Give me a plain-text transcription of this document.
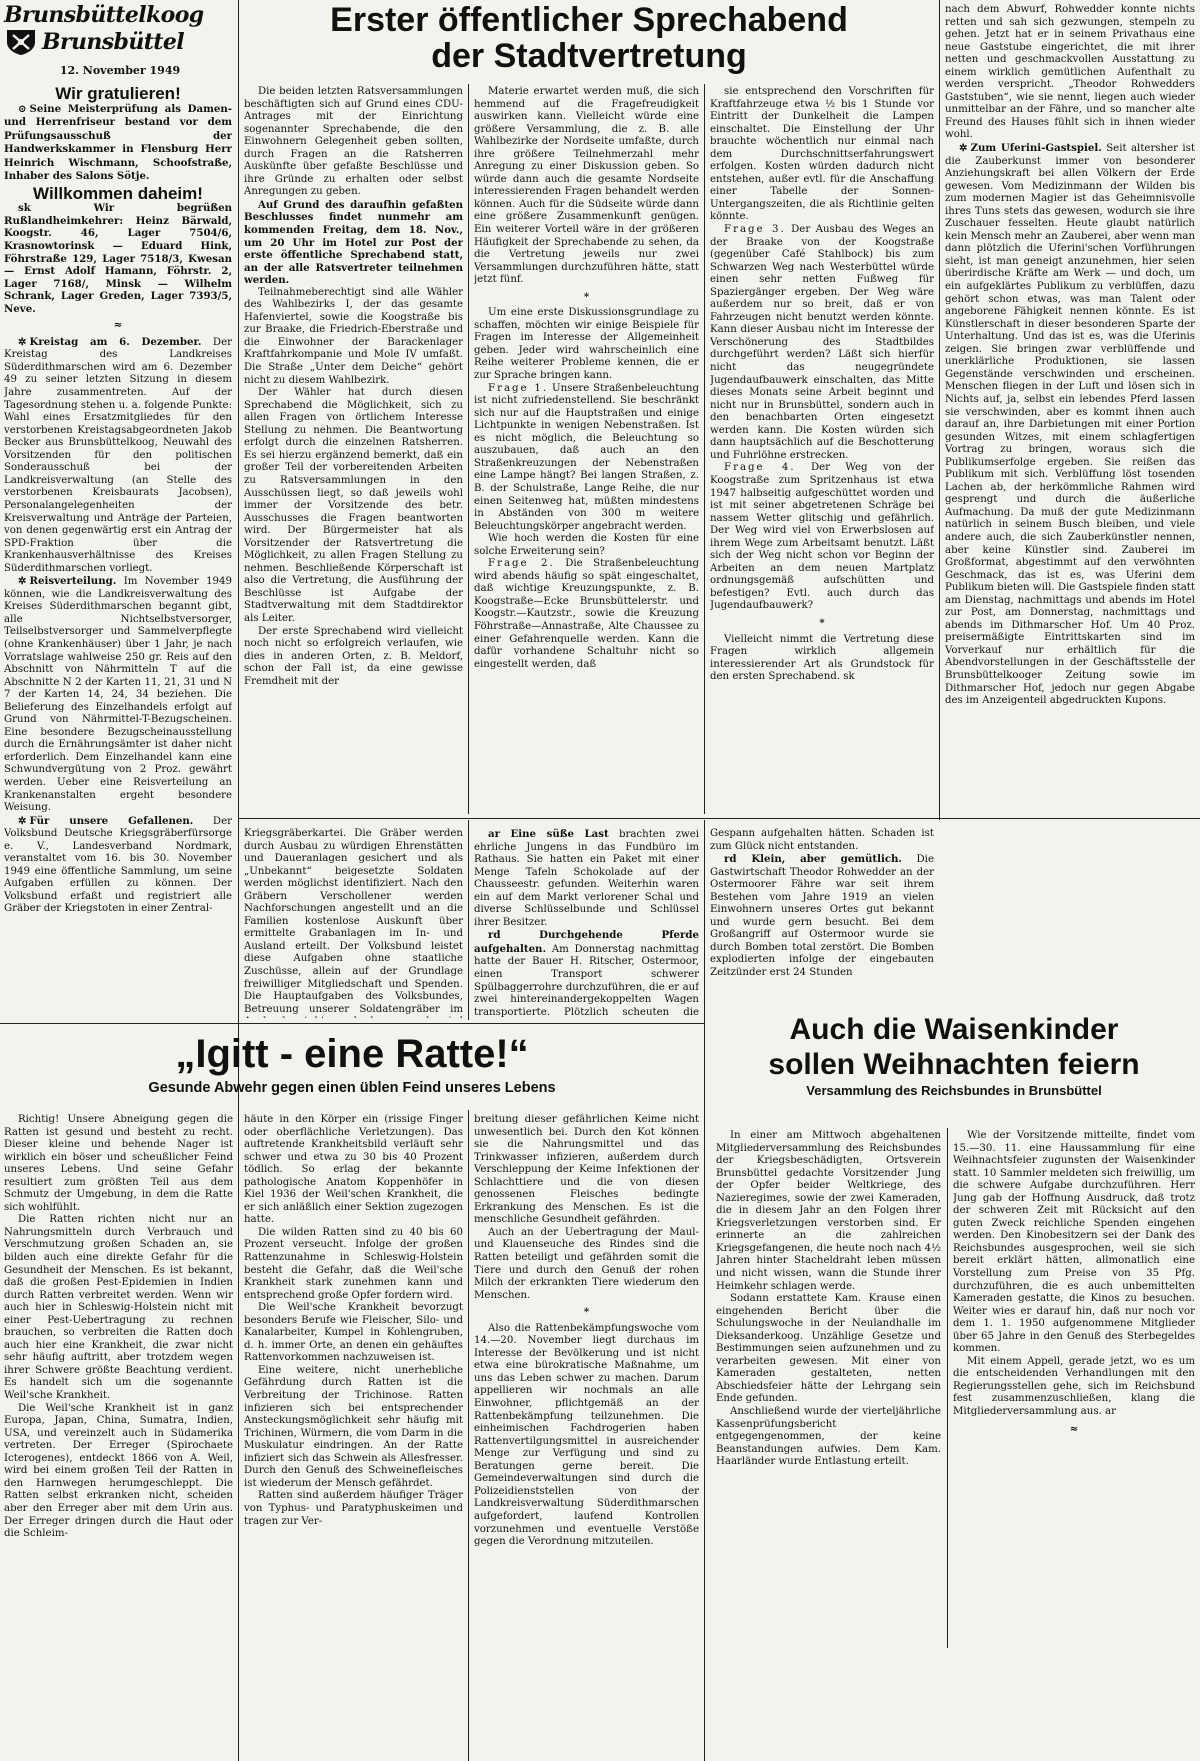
Brunsbüttelkoog
Brunsbüttel
12. November 1949
Erster öffentlicher Sprechabend
der Stadtvertretung
Wir gratulieren!

⊙ Seine Meisterprüfung als Damen- und Herrenfriseur bestand vor dem Prüfungsausschuß der Handwerkskammer in Flensburg Herr Heinrich Wischmann, Schoofstraße, Inhaber des Salons Sötje.

Willkommen daheim!

sk Wir begrüßen Rußlandheimkehrer: Heinz Bärwald, Koogstr. 46, Lager 7504/6, Krasnowtorinsk — Eduard Hink, Föhrstraße 129, Lager 7518/3, Kwesan — Ernst Adolf Hamann, Föhrstr. 2, Lager 7168/, Minsk — Wilhelm Schrank, Lager Greden, Lager 7393/5, Neve.

≈

✲ Kreistag am 6. Dezember. Der Kreistag des Landkreises Süderdithmarschen wird am 6. Dezember 49 zu seiner letzten Sitzung in diesem Jahre zusammentreten. Auf der Tagesordnung stehen u. a. folgende Punkte: Wahl eines Ersatzmitgliedes für den verstorbenen Kreistagsabgeordneten Jakob Becker aus Brunsbüttelkoog, Neuwahl des Vorsitzenden für den politischen Sonderausschuß bei der Landkreisverwaltung (an Stelle des verstorbenen Kreisbaurats Jacobsen), Personalangelegenheiten der Kreisverwaltung und Anträge der Parteien, von denen gegenwärtig erst ein Antrag der SPD-Fraktion über die Krankenhausverhältnisse des Kreises Süderdithmarschen vorliegt.

✲ Reisverteilung. Im November 1949 können, wie die Landkreisverwaltung des Kreises Süderdithmarschen begannt gibt, alle Nichtselbstversorger, Teilselbstversorger und Sammelverpflegte (ohne Krankenhäuser) über 1 Jahr, je nach Vorratslage wahlweise 250 gr. Reis auf den Abschnitt von Nährmitteln T auf die Abschnitte N 2 der Karten 11, 21, 31 und N 7 der Karten 14, 24, 34 beziehen. Die Belieferung des Einzelhandels erfolgt auf Grund von Nährmittel-T-Bezugscheinen. Eine besondere Bezugscheinausstellung durch die Ernährungsämter ist daher nicht erforderlich. Dem Einzelhandel kann eine Schwundvergütung von 2 Proz. gewährt werden. Ueber eine Reisverteilung an Krankenanstalten ergeht besondere Weisung.

✲ Für unsere Gefallenen. Der Volksbund Deutsche Kriegsgräberfürsorge e. V., Landesverband Nordmark, veranstaltet vom 16. bis 30. November 1949 eine öffentliche Sammlung, um seine Aufgaben erfüllen zu können. Der Volksbund erfaßt und registriert alle Gräber der Kriegstoten in einer Zentral-

Die beiden letzten Ratsversammlungen beschäftigten sich auf Grund eines CDU-Antrages mit der Einrichtung sogenannter Sprechabende, die den Einwohnern Gelegenheit geben sollten, durch Fragen an die Ratsherren Auskünfte über gefaßte Beschlüsse und ihre Gründe zu erhalten oder selbst Anregungen zu geben.

Auf Grund des daraufhin gefaßten Beschlusses findet nunmehr am kommenden Freitag, dem 18. Nov., um 20 Uhr im Hotel zur Post der erste öffentliche Sprechabend statt, an der alle Ratsvertreter teilnehmen werden.

Teilnahmeberechtigt sind alle Wähler des Wahlbezirks I, der das gesamte Hafenviertel, sowie die Koogstraße bis zur Braake, die Friedrich-Eberstraße und die Einwohner der Barackenlager Kraftfahrkompanie und Mole IV umfaßt. Die Straße „Unter dem Deiche“ gehört nicht zu diesem Wahlbezirk.

Der Wähler hat durch diesen Sprechabend die Möglichkeit, sich zu allen Fragen von örtlichem Interesse Stellung zu nehmen. Die Beantwortung erfolgt durch die einzelnen Ratsherren. Es sei hierzu ergänzend bemerkt, daß ein großer Teil der vorbereitenden Arbeiten zu Ratsversammlungen in den Ausschüssen liegt, so daß jeweils wohl immer der Vorsitzende des betr. Ausschusses die Fragen beantworten wird. Der Bürgermeister hat als Vorsitzender der Ratsvertretung die Möglichkeit, zu allen Fragen Stellung zu nehmen. Beschließende Körperschaft ist also die Vertretung, die Ausführung der Beschlüsse ist Aufgabe der Stadtverwaltung mit dem Stadtdirektor als Leiter.

Der erste Sprechabend wird vielleicht noch nicht so erfolgreich verlaufen, wie dies in anderen Orten, z. B. Meldorf, schon der Fall ist, da eine gewisse Fremdheit mit der

Materie erwartet werden muß, die sich hemmend auf die Fragefreudigkeit auswirken kann. Vielleicht würde eine größere Versammlung, die z. B. alle Wahlbezirke der Nordseite umfaßte, durch ihre größere Teilnehmerzahl mehr Anregung zu einer Diskussion geben. So würde dann auch die gesamte Nordseite interessierenden Fragen behandelt werden können. Auch für die Südseite würde dann eine größere Zusammenkunft genügen. Ein weiterer Vorteil wäre in der größeren Häufigkeit der Sprechabende zu sehen, da die Vertretung jeweils nur zwei Versammlungen durchzuführen hätte, statt jetzt fünf.

*

Um eine erste Diskussionsgrundlage zu schaffen, möchten wir einige Beispiele für Fragen im Interesse der Allgemeinheit geben. Jeder wird wahrscheinlich eine Reihe weiterer Probleme kennen, die er zur Sprache bringen kann.

Frage 1. Unsere Straßenbeleuchtung ist nicht zufriedenstellend. Sie beschränkt sich nur auf die Hauptstraßen und einige Lichtpunkte in wenigen Nebenstraßen. Ist es nicht möglich, die Beleuchtung so auszubauen, daß auch an den Straßenkreuzungen der Nebenstraßen eine Lampe hängt? Bei langen Straßen, z. B. der Schulstraße, Lange Reihe, die nur einen Seitenweg hat, müßten mindestens in Abständen von 300 m weitere Beleuchtungskörper angebracht werden.

Wie hoch werden die Kosten für eine solche Erweiterung sein?

Frage 2. Die Straßenbeleuchtung wird abends häufig so spät eingeschaltet, daß wichtige Kreuzungspunkte, z. B. Koogstraße—Ecke Brunsbüttelerstr. und Koogstr.—Kautzstr., sowie die Kreuzung Föhrstraße—Annastraße, Alte Chaussee zu einer Gefahrenquelle werden. Kann die dafür vorhandene Schaltuhr nicht so eingestellt werden, daß

sie entsprechend den Vorschriften für Kraftfahrzeuge etwa ½ bis 1 Stunde vor Eintritt der Dunkelheit die Lampen einschaltet. Die Einstellung der Uhr brauchte wöchentlich nur einmal nach dem Durchschnittserfahrungswert erfolgen. Kosten würden dadurch nicht entstehen, außer evtl. für die Anschaffung einer Tabelle der Sonnen-Untergangszeiten, die als Richtlinie gelten könnte.

Frage 3. Der Ausbau des Weges an der Braake von der Koogstraße (gegenüber Café Stahlbock) bis zum Schwarzen Weg nach Westerbüttel würde einen sehr netten Fußweg für Spaziergänger ergeben. Der Weg wäre außerdem nur so breit, daß er von Fahrzeugen nicht benutzt werden könnte. Kann dieser Ausbau nicht im Interesse der Verschönerung des Stadtbildes durchgeführt werden? Läßt sich hierfür nicht das neugegründete Jugendaufbauwerk einschalten, das Mitte dieses Monats seine Arbeit beginnt und nicht nur in Brunsbüttel, sondern auch in den benachbarten Orten eingesetzt werden kann. Die Kosten würden sich dann hauptsächlich auf die Beschotterung und Fuhrlöhne erstrecken.

Frage 4. Der Weg von der Koogstraße zum Spritzenhaus ist etwa 1947 halbseitig aufgeschüttet worden und ist mit seiner abgetretenen Schräge bei nassem Wetter glitschig und gefährlich. Der Weg wird viel von Erwerbslosen auf ihrem Wege zum Arbeitsamt benutzt. Läßt sich der Weg nicht schon vor Beginn der Arbeiten an dem neuen Martplatz ordnungsgemäß aufschütten und befestigen? Evtl. auch durch das Jugendaufbauwerk?

*

Vielleicht nimmt die Vertretung diese Fragen wirklich allgemein interessierender Art als Grundstock für den ersten Sprechabend. sk

nach dem Abwurf, Rohwedder konnte nichts retten und sah sich gezwungen, stempeln zu gehen. Jetzt hat er in seinem Privathaus eine neue Gaststube eingerichtet, die mit ihrer netten und geschmackvollen Ausstattung zu einem wirklich gemütlichen Aufenthalt zu werden verspricht. „Theodor Rohwedders Gaststuben“, wie sie nennt, liegen auch wieder unmittelbar an der Fähre, und so mancher alte Freund des Hauses fühlt sich in ihnen wieder wohl.

✲ Zum Uferini-Gastspiel. Seit altersher ist die Zauberkunst immer von besonderer Anziehungskraft bei allen Völkern der Erde gewesen. Vom Medizinmann der Wilden bis zum modernen Magier ist das Geheimnisvolle ihres Tuns stets das gewesen, wodurch sie ihre Zuschauer fesselten. Heute glaubt natürlich kein Mensch mehr an Zauberei, aber wenn man dann plötzlich die Uferini'schen Vorführungen sieht, ist man geneigt anzunehmen, hier seien überirdische Kräfte am Werk — und doch, um ein aufgeklärtes Publikum zu verblüffen, dazu gehört schon etwas, was man Talent oder angeborene Fähigkeit nennen könnte. Es ist Künstlerschaft in dieser besonderen Sparte der Unterhaltung. Und das ist es, was die Uferinis zeigen. Sie bringen zwar verblüffende und unerklärliche Produktionen, sie lassen Gegenstände verschwinden und erscheinen. Menschen fliegen in der Luft und lösen sich in Nichts auf, ja, selbst ein lebendes Pferd lassen sie verschwinden, aber es kommt ihnen auch darauf an, ihre Darbietungen mit einer Portion gesunden Witzes, mit einem schlagfertigen Vortrag zu bringen, woraus sich die Publikumserfolge ergeben. Sie reißen das Publikum mit sich. Verblüffung löst tosenden Lachen ab, der herkömmliche Rahmen wird gesprengt und durch die äußerliche Aufmachung. Da muß der gute Medizinmann natürlich in seinem Busch bleiben, und viele andere auch, die sich Zauberkünstler nennen, aber keine Künstler sind. Zauberei im Großformat, abgestimmt auf den verwöhnten Geschmack, das ist es, was Uferini dem Publikum bieten will. Die Gastspiele finden statt am Dienstag, nachmittags und abends im Hotel zur Post, am Donnerstag, nachmittags und abends im Dithmarscher Hof. Um 40 Proz. preisermäßigte Eintrittskarten sind im Vorverkauf nur erhältlich für die Abendvorstellungen in der Geschäftsstelle der Brunsbüttelkooger Zeitung sowie im Dithmarscher Hof, jedoch nur gegen Abgabe des im Anzeigenteil abgedruckten Kupons.

Kriegsgräberkartei. Die Gräber werden durch Ausbau zu würdigen Ehrenstätten und Daueranlagen gesichert und als „Unbekannt“ beigesetzte Soldaten werden möglichst identifiziert. Nach den Gräbern Verschollener werden Nachforschungen angestellt und an die Familien kostenlose Auskunft über ermittelte Grabanlagen im In- und Ausland erteilt. Der Volksbund leistet diese Aufgaben ohne staatliche Zuschüsse, allein auf der Grundlage freiwilliger Mitgliedschaft und Spenden. Die Hauptaufgaben des Volksbundes, Betreuung unserer Soldatengräber im

ar Eine süße Last brachten zwei ehrliche Jungens in das Fundbüro im Rathaus. Sie hatten ein Paket mit einer Menge Tafeln Schokolade auf der Chausseestr. gefunden. Weiterhin waren ein auf dem Markt verlorener Schal und diverse Schlüsselbunde und Schlüssel ihrer Besitzer.

rd Durchgehende Pferde aufgehalten. Am Donnerstag nachmittag hatte der Bauer H. Ritscher, Ostermoor, einen Transport schwerer Spülbaggerrohre durchzuführen, die er auf zwei hintereinandergekoppelten Wagen transportierte. Plötzlich scheuten die

Gespann aufgehalten hätten. Schaden ist zum Glück nicht entstanden.

rd Klein, aber gemütlich. Die Gastwirtschaft Theodor Rohwedder an der Ostermoorer Fähre war seit ihrem Bestehen vom Jahre 1919 an vielen Einwohnern unseres Ortes gut bekannt und wurde gern besucht. Bei dem Großangriff auf Ostermoor wurde sie durch Bomben total zerstört. Die Bomben explodierten infolge der eingebauten Zeitzünder erst 24 Stunden

„Igitt - eine Ratte!“
Gesunde Abwehr gegen einen üblen Feind unseres Lebens

Richtig! Unsere Abneigung gegen die Ratten ist gesund und besteht zu recht. Dieser kleine und behende Nager ist wirklich ein böser und scheußlicher Feind unseres Lebens. Und seine Gefahr resultiert zum größten Teil aus dem Schmutz der Umgebung, in dem die Ratte sich wohlfühlt.

Die Ratten richten nicht nur an Nahrungsmitteln durch Verbrauch und Verschmutzung großen Schaden an, sie bilden auch eine direkte Gefahr für die Gesundheit der Menschen. Es ist bekannt, daß die großen Pest-Epidemien in Indien durch Ratten verbreitet werden. Wenn wir auch hier in Schleswig-Holstein nicht mit einer Pest-Uebertragung zu rechnen brauchen, so verbreiten die Ratten doch auch hier eine Krankheit, die zwar nicht sehr häufig auftritt, aber trotzdem wegen ihrer Schwere größte Beachtung verdient. Es handelt sich um die sogenannte Weil'sche Krankheit.

Die Weil'sche Krankheit ist in ganz Europa, Japan, China, Sumatra, Indien, USA, und vereinzelt auch in Südamerika vertreten. Der Erreger (Spirochaete Icterogenes), entdeckt 1866 von A. Weil, wird bei einem großen Teil der Ratten in den Harnwegen herumgeschleppt. Die Ratten selbst erkranken nicht, scheiden aber den Erreger aber mit dem Urin aus. Der Erreger dringen durch die Haut oder die Schleim-

häute in den Körper ein (rissige Finger oder oberflächliche Verletzungen). Das auftretende Krankheitsbild verläuft sehr schwer und etwa zu 30 bis 40 Prozent tödlich. So erlag der bekannte pathologische Anatom Koppenhöfer in Kiel 1936 der Weil'schen Krankheit, die er sich anläßlich einer Sektion zugezogen hatte.

Die wilden Ratten sind zu 40 bis 60 Prozent verseucht. Infolge der großen Rattenzunahme in Schleswig-Holstein besteht die Gefahr, daß die Weil'sche Krankheit stark zunehmen kann und entsprechend große Opfer fordern wird.

Die Weil'sche Krankheit bevorzugt besonders Berufe wie Fleischer, Silo- und Kanalarbeiter, Kumpel in Kohlengruben, d. h. immer Orte, an denen ein gehäuftes Rattenvorkommen nachzuweisen ist.

Eine weitere, nicht unerhebliche Gefährdung durch Ratten ist die Verbreitung der Trichinose. Ratten infizieren sich bei entsprechender Ansteckungsmöglichkeit sehr häufig mit Trichinen, Würmern, die vom Darm in die Muskulatur eindringen. An der Ratte infiziert sich das Schwein als Allesfresser. Durch den Genuß des Schweinefleisches ist wiederum der Mensch gefährdet.

Ratten sind außerdem häufiger Träger von Typhus- und Paratyphuskeimen und tragen zur Ver-

breitung dieser gefährlichen Keime nicht unwesentlich bei. Durch den Kot können sie die Nahrungsmittel und das Trinkwasser infizieren, außerdem durch Verschleppung der Keime Infektionen der Schlachttiere und die von diesen genossenen Fleisches bedingte Erkrankung des Menschen. Es ist die menschliche Gesundheit gefährden.

Auch an der Uebertragung der Maul- und Klauenseuche des Rindes sind die Ratten beteiligt und gefährden somit die Tiere und durch den Genuß der rohen Milch der erkrankten Tiere wiederum den Menschen.

*

Also die Rattenbekämpfungswoche vom 14.—20. November liegt durchaus im Interesse der Bevölkerung und ist nicht etwa eine bürokratische Maßnahme, um uns das Leben schwer zu machen. Darum appellieren wir nochmals an alle Einwohner, pflichtgemäß an der Rattenbekämpfung teilzunehmen. Die einheimischen Fachdrogerien haben Rattenvertilgungsmittel in ausreichender Menge zur Verfügung und sind zu Beratungen gerne bereit. Die Gemeindeverwaltungen sind durch die Polizeidienststellen von der Landkreisverwaltung Süderdithmarschen aufgefordert, laufend Kontrollen vorzunehmen und eventuelle Verstöße gegen die Verordnung mitzuteilen.

Auch die Waisenkinder
sollen Weihnachten feiern
Versammlung des Reichsbundes in Brunsbüttel

In einer am Mittwoch abgehaltenen Mitgliederversammlung des Reichsbundes der Kriegsbeschädigten, Ortsverein Brunsbüttel gedachte Vorsitzender Jung der Opfer beider Weltkriege, des Nazieregimes, sowie der zwei Kameraden, die in diesem Jahr an den Folgen ihrer Kriegsverletzungen verstorben sind. Er erinnerte an die zahlreichen Kriegsgefangenen, die heute noch nach 4½ Jahren hinter Stacheldraht leben müssen und nicht wissen, wann die Stunde ihrer Heimkehr schlagen werde.

Sodann erstattete Kam. Krause einen eingehenden Bericht über die Schulungswoche in der Neulandhalle im Dieksanderkoog. Unzählige Gesetze und Bestimmungen seien aufzunehmen und zu verarbeiten gewesen. Mit einer von Kameraden gestalteten, netten Abschiedsfeier hätte der Lehrgang sein Ende gefunden.

Anschließend wurde der vierteljährliche Kassenprüfungsbericht entgegengenommen, der keine Beanstandungen aufwies. Dem Kam. Haarländer wurde Entlastung erteilt.

Wie der Vorsitzende mitteilte, findet vom 15.—30. 11. eine Haussammlung für eine Weihnachtsfeier zugunsten der Waisenkinder statt. 10 Sammler meldeten sich freiwillig, um die schwere Aufgabe durchzuführen. Herr Jung gab der Hoffnung Ausdruck, daß trotz der schweren Zeit mit Rücksicht auf den guten Zweck reichliche Spenden eingehen werden. Den Kinobesitzern sei der Dank des Reichsbundes ausgesprochen, weil sie sich bereit erklärt hätten, allmonatlich eine Vorstellung zum Preise von 35 Pfg. durchzuführen, die es auch unbemittelten Kameraden gestatte, die Kinos zu besuchen. Weiter wies er darauf hin, daß nur noch vor dem 1. 1. 1950 aufgenommene Mitglieder über 65 Jahre in den Genuß des Sterbegeldes kommen.

Mit einem Appell, gerade jetzt, wo es um die entscheidenden Verhandlungen mit den Regierungsstellen gehe, sich im Reichsbund fest zusammenzuschließen, klang die Mitgliederversammlung aus. ar

≈
